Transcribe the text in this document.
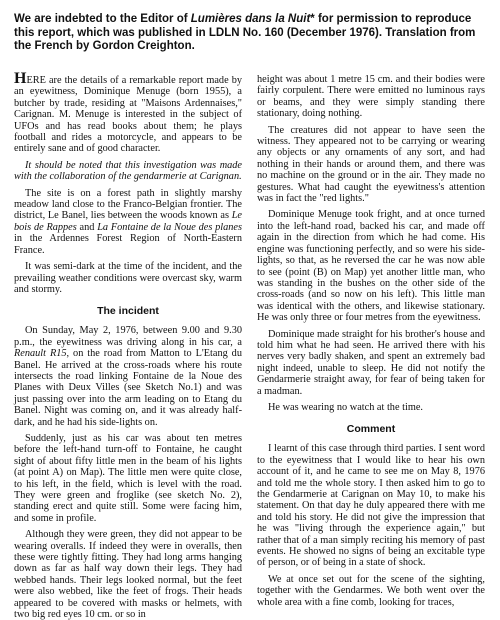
We are indebted to the Editor of Lumières dans la Nuit* for permission to reproduce this report, which was published in LDLN No. 160 (December 1976). Translation from the French by Gordon Creighton.

HERE are the details of a remarkable report made by an eyewitness, Dominique Menuge (born 1955), a butcher by trade, residing at "Maisons Ardennaises," Carignan. M. Menuge is interested in the subject of UFOs and has read books about them; he plays football and rides a motorcycle, and appears to be entirely sane and of good character.

It should be noted that this investigation was made with the collaboration of the gendarmerie at Carignan.

The site is on a forest path in slightly marshy meadow land close to the Franco-Belgian frontier. The district, Le Banel, lies between the woods known as Le bois de Rappes and La Fontaine de la Noue des planes in the Ardennes Forest Region of North-Eastern France.

It was semi-dark at the time of the incident, and the prevailing weather conditions were overcast sky, warm and stormy.

The incident

On Sunday, May 2, 1976, between 9.00 and 9.30 p.m., the eyewitness was driving along in his car, a Renault R15, on the road from Matton to L'Etang du Banel. He arrived at the cross-roads where his route intersects the road linking Fontaine de la Noue des Planes with Deux Villes (see Sketch No.1) and was just passing over into the arm leading on to Etang du Banel. Night was coming on, and it was already half-dark, and he had his side-lights on.

Suddenly, just as his car was about ten metres before the left-hand turn-off to Fontaine, he caught sight of about fifty little men in the beam of his lights (at point A) on Map). The little men were quite close, to his left, in the field, which is level with the road. They were green and froglike (see sketch No. 2), standing erect and quite still. Some were facing him, and some in profile.

Although they were green, they did not appear to be wearing overalls. If indeed they were in overalls, then these were tightly fitting. They had long arms hanging down as far as half way down their legs. They had webbed hands. Their legs looked normal, but the feet were also webbed, like the feet of frogs. Their heads appeared to be covered with masks or helmets, with two big red eyes 10 cm. or so in

height was about 1 metre 15 cm. and their bodies were fairly corpulent. There were emitted no luminous rays or beams, and they were simply standing there stationary, doing nothing.

The creatures did not appear to have seen the witness. They appeared not to be carrying or wearing any objects or any ornaments of any sort, and had nothing in their hands or around them, and there was no machine on the ground or in the air. They made no gestures. What had caught the eyewitness's attention was in fact the "red lights."

Dominique Menuge took fright, and at once turned into the left-hand road, backed his car, and made off again in the direction from which he had come. His engine was functioning perfectly, and so were his side-lights, so that, as he reversed the car he was now able to see (point (B) on Map) yet another little man, who was standing in the bushes on the other side of the cross-roads (and so now on his left). This little man was identical with the others, and likewise stationary. He was only three or four metres from the eyewitness.

Dominique made straight for his brother's house and told him what he had seen. He arrived there with his nerves very badly shaken, and spent an extremely bad night indeed, unable to sleep. He did not notify the Gendarmerie straight away, for fear of being taken for a madman.

He was wearing no watch at the time.

Comment

I learnt of this case through third parties. I sent word to the eyewitness that I would like to hear his own account of it, and he came to see me on May 8, 1976 and told me the whole story. I then asked him to go to the Gendarmerie at Carignan on May 10, to make his statement. On that day he duly appeared there with me and told his story. He did not give the impression that he was "living through the experience again," but rather that of a man simply reciting his memory of past events. He showed no signs of being an excitable type of person, or of being in a state of shock.

We at once set out for the scene of the sighting, together with the Gendarmes. We both went over the whole area with a fine comb, looking for traces,
